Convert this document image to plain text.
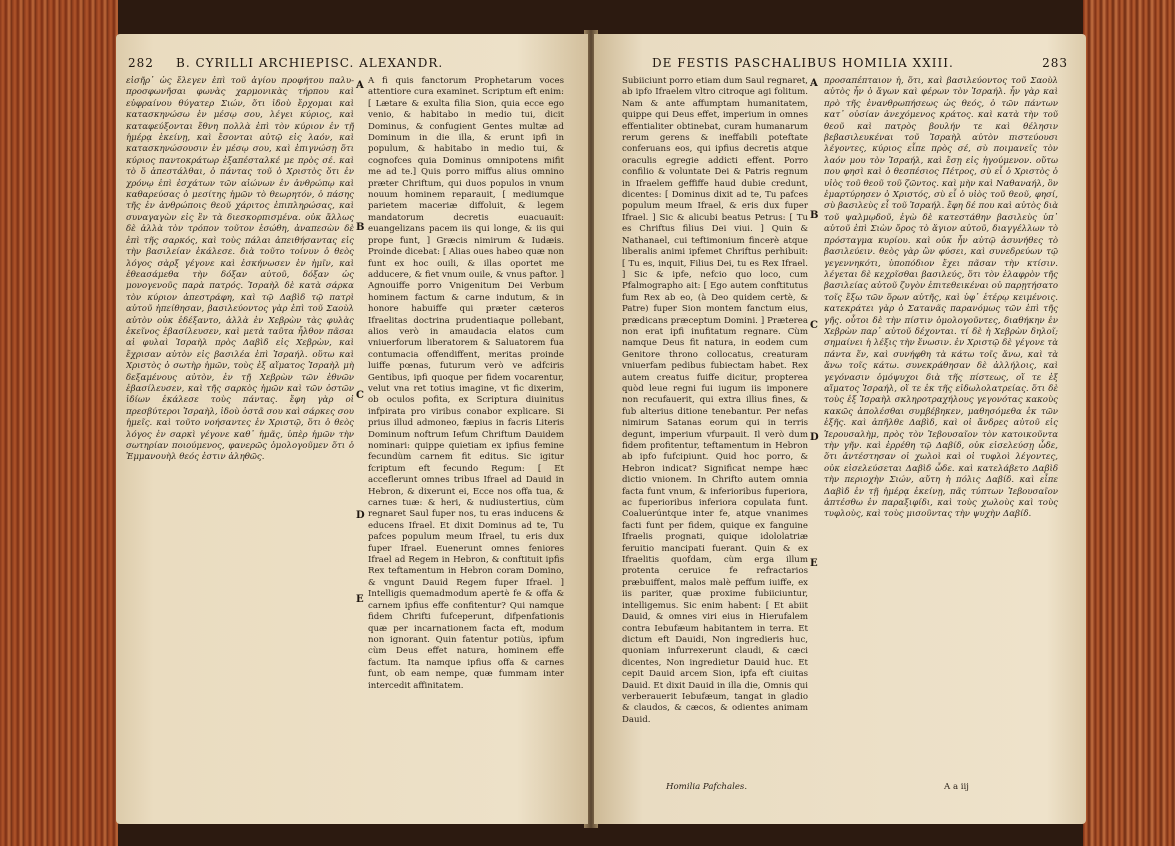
282 B. CYRILLI ARCHIEPISC. ALEXANDR.

εἰσῆρ᾽ ὡς ἔλεγεν ἐπὶ τοῦ ἁγίου προφήτου παλυ- προσφωνῆσαι φωνὰς χαρμονικὰς τήρπου καὶ εὐφραίνου θύγατερ Σιών, ὅτι ἰδοὺ ἔρχομαι καὶ κατασκηνώσω ἐν μέσῳ σου, λέγει κύριος, καὶ καταφεύξονται ἔθνη πολλὰ ἐπὶ τὸν κύριον ἐν τῇ ἡμέρᾳ ἐκείνῃ, καὶ ἔσονται αὐτῷ εἰς λαόν, καὶ κατασκηνώσουσιν ἐν μέσῳ σου, καὶ ἐπιγνώσῃ ὅτι κύριος παντοκράτωρ ἐξαπέσταλκέ με πρὸς σέ. καὶ τὸ ὅ ἀπεστάλθαι, ὁ πάντας τοῦ ὁ Χριστὸς ὅτι ἐν χρόνῳ ἐπὶ ἐσχάτων τῶν αἰώνων ἐν ἀνθρώπῳ καὶ καθαρεύσας ὁ μεσίτης ἡμῶν τὸ θεωρητόν, ὁ πάσης τῆς ἐν ἀνθρώποις θεοῦ χάριτος ἐπιπληρώσας, καὶ συναγαγὼν εἰς ἓν τὰ διεσκορπισμένα. οὐκ ἄλλως δὲ ἀλλὰ τὸν τρόπον τοῦτον ἐσώθη, ἀναπεσὼν δὲ ἐπὶ τῆς σαρκός, καὶ τοὺς πάλαι ἀπειθήσαντας εἰς τὴν βασιλείαν ἐκάλεσε. διὰ τοῦτο τοίνυν ὁ θεὸς λόγος σὰρξ γέγονε καὶ ἐσκήνωσεν ἐν ἡμῖν, καὶ ἐθεασάμεθα τὴν δόξαν αὐτοῦ, δόξαν ὡς μονογενοῦς παρὰ πατρός. Ἰσραὴλ δὲ κατὰ σάρκα τὸν κύριον ἀπεστράφη, καὶ τῷ Δαβὶδ τῷ πατρὶ αὐτοῦ ἠπείθησαν, βασιλεύοντος γὰρ ἐπὶ τοῦ Σαοὺλ αὐτὸν οὐκ ἐδέξαντο, ἀλλὰ ἐν Χεβρὼν τὰς φυλὰς ἐκεῖνος ἐβασίλευσεν, καὶ μετὰ ταῦτα ἦλθον πᾶσαι αἱ φυλαὶ Ἰσραὴλ πρὸς Δαβὶδ εἰς Χεβρὼν, καὶ ἔχρισαν αὐτὸν εἰς βασιλέα ἐπὶ Ἰσραήλ. οὕτω καὶ Χριστὸς ὁ σωτὴρ ἡμῶν, τοὺς ἐξ αἵματος Ἰσραὴλ μὴ δεξαμένους αὐτὸν, ἐν τῇ Χεβρὼν τῶν ἐθνῶν ἐβασίλευσεν, καὶ τῆς σαρκὸς ἡμῶν καὶ τῶν ὀστῶν ἰδίων ἐκάλεσε τοὺς πάντας. ἔφη γὰρ οἱ πρεσβύτεροι Ἰσραὴλ, ἰδοὺ ὀστᾶ σου καὶ σάρκες σου ἡμεῖς. καὶ τοῦτο νοήσαντες ἐν Χριστῷ, ὅτι ὁ θεὸς λόγος ἐν σαρκὶ γέγονε καθ᾽ ἡμᾶς, ὑπὲρ ἡμῶν τὴν σωτηρίαν ποιούμενος, φανερῶς ὁμολογοῦμεν ὅτι ὁ Ἐμμανουὴλ θεός ἐστιν ἀληθῶς.

A
B
C
D
E

A fi quis fanctorum Prophetarum voces attentiore cura examinet. Scriptum eft enim: [ Lætare & exulta filia Sion, quia ecce ego venio, & habitabo in medio tui, dicit Dominus, & confugient Gentes multæ ad Dominum in die illa, & erunt ipfi in populum, & habitabo in medio tui, & cognofces quia Dominus omnipotens mifit me ad te.] Quis porro miffus alius omnino præter Chriftum, qui duos populos in vnum nouum hominem reparauit, [ mediumque parietem maceriæ diffoluit, & legem mandatorum decretis euacuauit: euangelizans pacem iis qui longe, & iis qui prope funt, ] Græcis nimirum & Iudæis. Proinde dicebat: [ Alias oues habeo quæ non funt ex hoc ouili, & illas oportet me adducere, & fiet vnum ouile, & vnus paftor. ] Agnouiffe porro Vnigenitum Dei Verbum hominem factum & carne indutum, & in honore habuiffe qui præter cæteros Ifraelitas doctrina prudentiaque pollebant, alios verò in amaudacia elatos cum vniuerforum liberatorem & Saluatorem fua contumacia offendiffent, meritas proinde luiffe pœnas, futurum verò ve adfciris Gentibus, ipfi quoque per fidem vocarentur, velut vna ret totius imagine, vt fic dixerim, ob oculos pofita, ex Scriptura diuinitus infpirata pro viribus conabor explicare. Si prius illud admoneo, fæpius in facris Literis Dominum noftrum Iefum Chriftum Dauidem nominari: quippe quietiam ex ipfius femine fecundùm carnem fit editus. Sic igitur fcriptum eft fecundo Regum: [ Et acceflerunt omnes tribus Ifrael ad Dauid in Hebron, & dixerunt ei, Ecce nos offa tua, & carnes tuæ: & heri, & nudiustertius, cùm regnaret Saul fuper nos, tu eras inducens & educens Ifrael. Et dixit Dominus ad te, Tu pafces populum meum Ifrael, tu eris dux fuper Ifrael. Euenerunt omnes feniores Ifrael ad Regem in Hebron, & conftituit ipfis Rex teftamentum in Hebron coram Domino, & vngunt Dauid Regem fuper Ifrael. ] Intelligis quemadmodum apertè fe & offa & carnem ipfius effe confitentur? Qui namque fidem Chrifti fufceperunt, difpenfationis quæ per incarnationem facta eft, modum non ignorant. Quin fatentur potiùs, ipfum cùm Deus effet natura, hominem effe factum. Ita namque ipfius offa & carnes funt, ob eam nempe, quæ fummam inter intercedit affinitatem.

DE FESTIS PASCHALIBUS HOMILIA XXIII.	283

Subiiciunt porro etiam dum Saul regnaret, ab ipfo Ifraelem vltro citroque agi folitum. Nam & ante affumptam humanitatem, quippe qui Deus effet, imperium in omnes effentialiter obtinebat, curam humanarum rerum gerens & ineffabili poteftate conferuans eos, qui ipfius decretis atque oraculis egregie addicti effent. Porro confilio & voluntate Dei & Patris regnum in Ifraelem geffiffe haud dubie credunt, dicentes: [ Dominus dixit ad te, Tu pafces populum meum Ifrael, & eris dux fuper Ifrael. ] Sic & alicubi beatus Petrus: [ Tu es Chriftus filius Dei viui. ] Quin & Nathanael, cui teftimonium fincerè atque liberalis animi ipfemet Chriftus perhibuit: [ Tu es, inquit, Filius Dei, tu es Rex Ifrael. ] Sic & ipfe, nefcio quo loco, cum Pfalmographo ait: [ Ego autem conftitutus fum Rex ab eo, (à Deo quidem certè, & Patre) fuper Sion montem fanctum eius, prædicans præceptum Domini. ] Præterea non erat ipfi inufitatum regnare. Cùm namque Deus fit natura, in eodem cum Genitore throno collocatus, creaturam vniuerfam pedibus fubiectam habet. Rex autem creatus fuiffe dicitur, propterea quòd leue regni fui iugum iis imponere non recufauerit, qui extra illius fines, & fub alterius ditione tenebantur. Per nefas nimirum Satanas eorum qui in terris degunt, imperium vfurpauit. Il verò dum fidem profitentur, teftamentum in Hebron ab ipfo fufcipiunt. Quid hoc porro, & Hebron indicat? Significat nempe hæc dictio vnionem. In Chrifto autem omnia facta funt vnum, & inferioribus fuperiora, ac fuperioribus inferiora copulata funt. Coaluerúntque inter fe, atque vnanimes facti funt per fidem, quique ex fanguine Ifraelis prognati, quique idololatriæ feruitio mancipati fuerant. Quin & ex Ifraelitis quofdam, cùm erga illum protenta ceruice fe refractarios præbuiffent, malos malè peffum iuiffe, ex iis pariter, quæ proxime fubiiciuntur, intelligemus. Sic enim habent: [ Et abiit Dauid, & omnes viri eius in Hierufalem contra Iebufæum habitantem in terra. Et dictum eft Dauidi, Non ingredieris huc, quoniam infurrexerunt claudi, & cæci dicentes, Non ingredietur Dauid huc. Et cepit Dauid arcem Sion, ipfa eft ciuitas Dauid. Et dixit Dauid in illa die, Omnis qui verberauerit Iebufæum, tangat in gladio & claudos, & cæcos, & odientes animam Dauid.

A
B
C
D
E

προσαπέπταιον ἦ, ὅτι, καὶ βασιλεύοντος τοῦ Σαοὺλ αὐτὸς ἦν ὁ ἄγων καὶ φέρων τὸν Ἰσραήλ. ἦν γὰρ καὶ πρὸ τῆς ἐνανθρωπήσεως ὡς θεός, ὁ τῶν πάντων κατ᾽ οὐσίαν ἀνεχόμενος κράτος. καὶ κατὰ τὴν τοῦ θεοῦ καὶ πατρὸς βουλήν τε καὶ θέλησιν βεβασιλευκέναι τοῦ Ἰσραὴλ αὐτὸν πιστεύουσι λέγοντες, κύριος εἶπε πρὸς σέ, σὺ ποιμανεῖς τὸν λαόν μου τὸν Ἰσραήλ, καὶ ἔσῃ εἰς ἡγούμενον. οὕτω που φησὶ καὶ ὁ θεσπέσιος Πέτρος, σὺ εἶ ὁ Χριστὸς ὁ υἱὸς τοῦ θεοῦ τοῦ ζῶντος. καὶ μὴν καὶ Ναθαναήλ, ὃν ἐμαρτύρησεν ὁ Χριστός, σὺ εἶ ὁ υἱὸς τοῦ θεοῦ, φησί, σὺ βασιλεὺς εἶ τοῦ Ἰσραήλ. ἔφη δέ που καὶ αὐτὸς διὰ τοῦ ψαλμῳδοῦ, ἐγὼ δὲ κατεστάθην βασιλεὺς ὑπ᾽ αὐτοῦ ἐπὶ Σιὼν ὄρος τὸ ἅγιον αὐτοῦ, διαγγέλλων τὸ πρόσταγμα κυρίου. καὶ οὐκ ἦν αὐτῷ ἀσυνήθες τὸ βασιλεύειν. θεὸς γὰρ ὢν φύσει, καὶ συνεδρεύων τῷ γεγεννηκότι, ὑποπόδιον ἔχει πᾶσαν τὴν κτίσιν. λέγεται δὲ κεχρῖσθαι βασιλεύς, ὅτι τὸν ἐλαφρὸν τῆς βασιλείας αὐτοῦ ζυγὸν ἐπιτεθεικέναι οὐ παρῃτήσατο τοῖς ἔξω τῶν ὅρων αὐτῆς, καὶ ὑφ᾽ ἑτέρῳ κειμένοις. κατεκράτει γὰρ ὁ Σατανᾶς παρανόμως τῶν ἐπὶ τῆς γῆς. οὗτοι δὲ τὴν πίστιν ὁμολογοῦντες, διαθήκην ἐν Χεβρὼν παρ᾽ αὐτοῦ δέχονται. τί δὲ ἡ Χεβρὼν δηλοῖ; σημαίνει ἡ λέξις τὴν ἕνωσιν. ἐν Χριστῷ δὲ γέγονε τὰ πάντα ἕν, καὶ συνήφθη τὰ κάτω τοῖς ἄνω, καὶ τὰ ἄνω τοῖς κάτω. συνεκράθησαν δὲ ἀλλήλοις, καὶ γεγόνασιν ὁμόψυχοι διὰ τῆς πίστεως, οἵ τε ἐξ αἵματος Ἰσραήλ, οἵ τε ἐκ τῆς εἰδωλολατρείας. ὅτι δὲ τοὺς ἐξ Ἰσραὴλ σκληροτραχήλους γεγονότας κακοὺς κακῶς ἀπολέσθαι συμβέβηκεν, μαθησόμεθα ἐκ τῶν ἑξῆς. καὶ ἀπῆλθε Δαβὶδ, καὶ οἱ ἄνδρες αὐτοῦ εἰς Ἱερουσαλὴμ, πρὸς τὸν Ἰεβουσαῖον τὸν κατοικοῦντα τὴν γῆν. καὶ ἐρρέθη τῷ Δαβίδ, οὐκ εἰσελεύσῃ ὧδε, ὅτι ἀντέστησαν οἱ χωλοὶ καὶ οἱ τυφλοὶ λέγοντες, οὐκ εἰσελεύσεται Δαβὶδ ὧδε. καὶ κατελάβετο Δαβὶδ τὴν περιοχὴν Σιών, αὕτη ἡ πόλις Δαβίδ. καὶ εἶπε Δαβὶδ ἐν τῇ ἡμέρᾳ ἐκείνῃ, πᾶς τύπτων Ἰεβουσαῖον ἁπτέσθω ἐν παραξιφίδι, καὶ τοὺς χωλοὺς καὶ τοὺς τυφλοὺς, καὶ τοὺς μισοῦντας τὴν ψυχὴν Δαβίδ.

Homilia Pafchales.	A a iij
